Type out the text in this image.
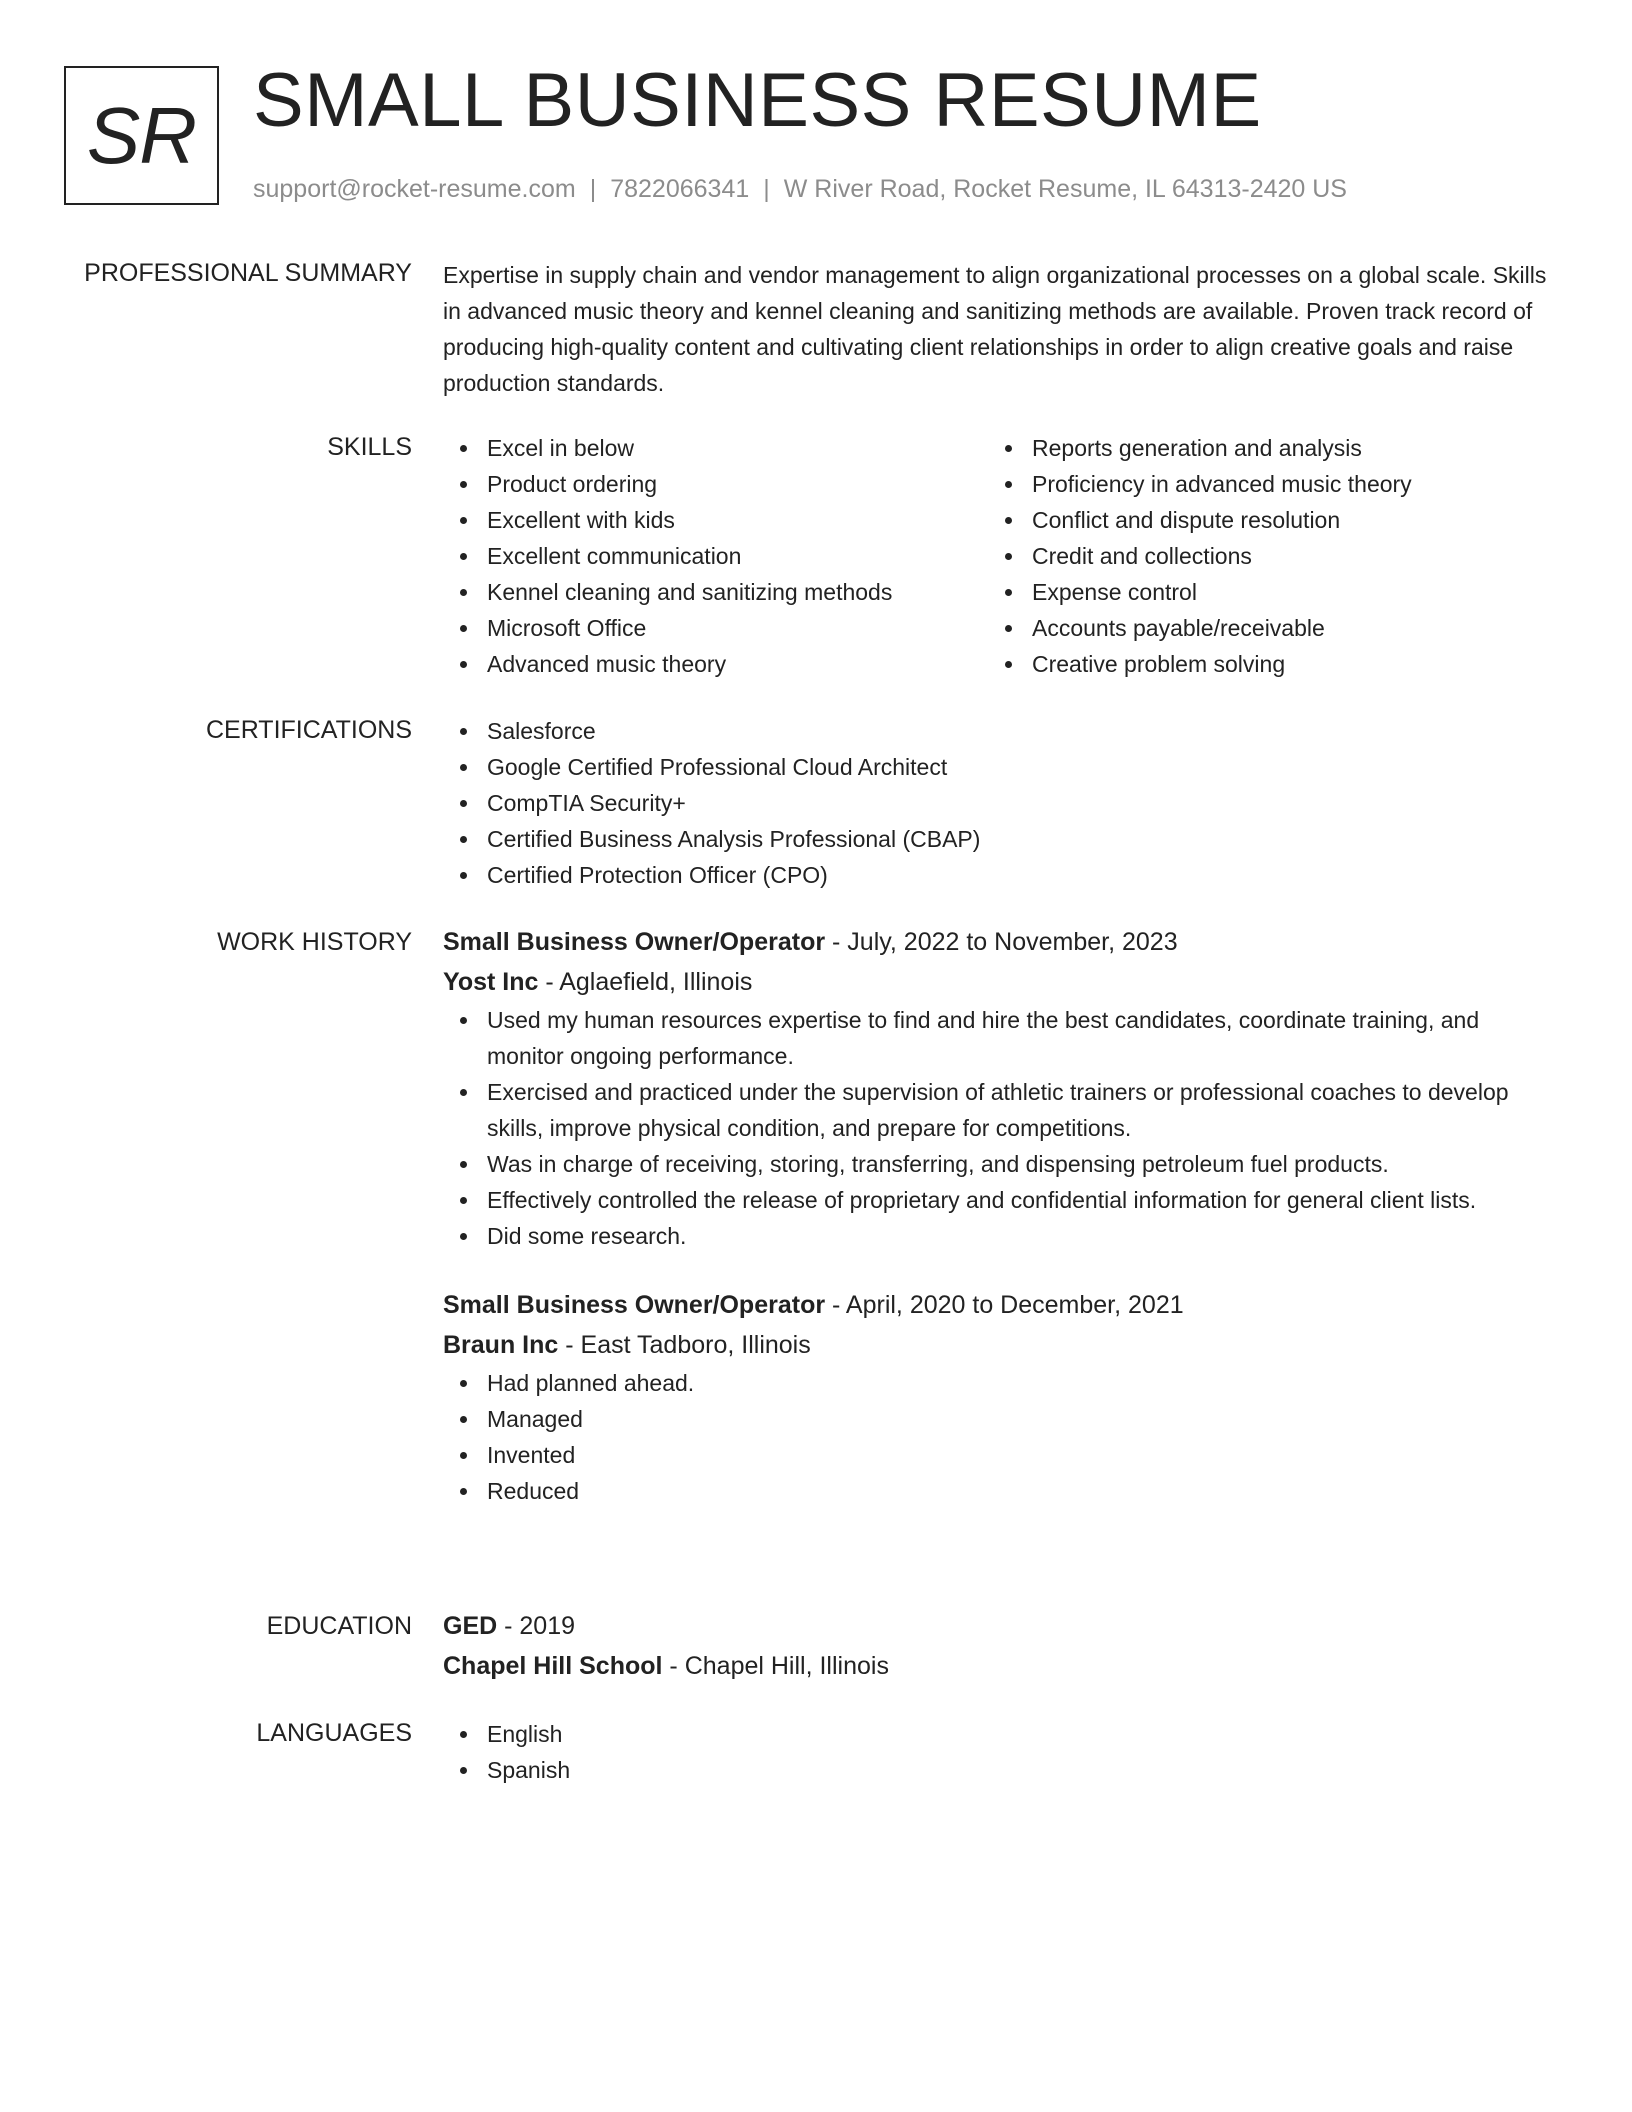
SR SMALL BUSINESS RESUME
support@rocket-resume.com | 7822066341 | W River Road, Rocket Resume, IL 64313-2420 US
PROFESSIONAL SUMMARY Expertise in supply chain and vendor management to align organizational processes on a global scale. Skills in advanced music theory and kennel cleaning and sanitizing methods are available. Proven track record of producing high-quality content and cultivating client relationships in order to align creative goals and raise production standards.

SKILLS	Excel in below
Product ordering
Excellent with kids
Excellent communication
Kennel cleaning and sanitizing methods
Microsoft Office
Advanced music theory
Reports generation and analysis
Proficiency in advanced music theory
Conflict and dispute resolution
Credit and collections
Expense control
Accounts payable/receivable
Creative problem solving
CERTIFICATIONS	Salesforce
Google Certified Professional Cloud Architect
CompTIA Security+
Certified Business Analysis Professional (CBAP)
Certified Protection Officer (CPO)
WORK HISTORY Small Business Owner/Operator - July, 2022 to November, 2023
Yost Inc - Aglaefield, Illinois
Used my human resources expertise to find and hire the best candidates, coordinate training, and monitor ongoing performance.
Exercised and practiced under the supervision of athletic trainers or professional coaches to develop skills, improve physical condition, and prepare for competitions.
Was in charge of receiving, storing, transferring, and dispensing petroleum fuel products.
Effectively controlled the release of proprietary and confidential information for general client lists.
Did some research.
Small Business Owner/Operator - April, 2020 to December, 2021
Braun Inc - East Tadboro, Illinois
Had planned ahead.
Managed
Invented
Reduced
EDUCATION GED - 2019
Chapel Hill School - Chapel Hill, Illinois
LANGUAGES	English
Spanish
